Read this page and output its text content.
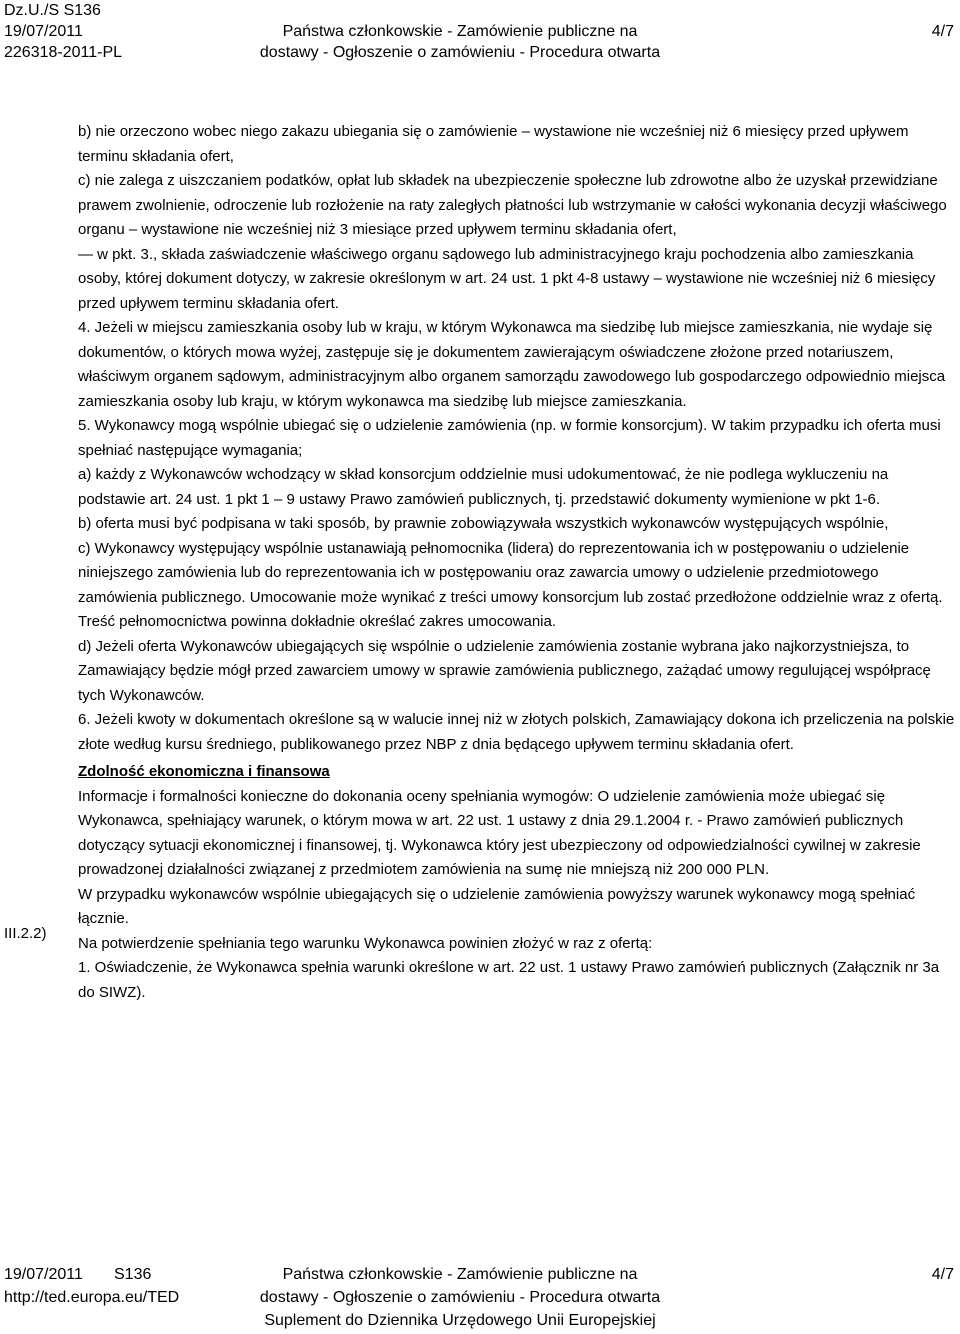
Dz.U./S S136
19/07/2011
226318-2011-PL
Państwa członkowskie - Zamówienie publiczne na
dostawy - Ogłoszenie o zamówieniu - Procedura otwarta
4/7

b) nie orzeczono wobec niego zakazu ubiegania się o zamówienie – wystawione nie wcześniej niż 6 miesięcy przed upływem terminu składania ofert,

c) nie zalega z uiszczaniem podatków, opłat lub składek na ubezpieczenie społeczne lub zdrowotne albo że uzyskał przewidziane prawem zwolnienie, odroczenie lub rozłożenie na raty zaległych płatności lub wstrzymanie w całości wykonania decyzji właściwego organu – wystawione nie wcześniej niż 3 miesiące przed upływem terminu składania ofert,

— w pkt. 3., składa zaświadczenie właściwego organu sądowego lub administracyjnego kraju pochodzenia albo zamieszkania osoby, której dokument dotyczy, w zakresie określonym w art. 24 ust. 1 pkt 4-8 ustawy – wystawione nie wcześniej niż 6 miesięcy przed upływem terminu składania ofert.

4. Jeżeli w miejscu zamieszkania osoby lub w kraju, w którym Wykonawca ma siedzibę lub miejsce zamieszkania, nie wydaje się dokumentów, o których mowa wyżej, zastępuje się je dokumentem zawierającym oświadczene złożone przed notariuszem, właściwym organem sądowym, administracyjnym albo organem samorządu zawodowego lub gospodarczego odpowiednio miejsca zamieszkania osoby lub kraju, w którym wykonawca ma siedzibę lub miejsce zamieszkania.

5. Wykonawcy mogą wspólnie ubiegać się o udzielenie zamówienia (np. w formie konsorcjum). W takim przypadku ich oferta musi spełniać następujące wymagania;

a) każdy z Wykonawców wchodzący w skład konsorcjum oddzielnie musi udokumentować, że nie podlega wykluczeniu na podstawie art. 24 ust. 1 pkt 1 – 9 ustawy Prawo zamówień publicznych, tj. przedstawić dokumenty wymienione w pkt 1-6.

b) oferta musi być podpisana w taki sposób, by prawnie zobowiązywała wszystkich wykonawców występujących wspólnie,

c) Wykonawcy występujący wspólnie ustanawiają pełnomocnika (lidera) do reprezentowania ich w postępowaniu o udzielenie niniejszego zamówienia lub do reprezentowania ich w postępowaniu oraz zawarcia umowy o udzielenie przedmiotowego zamówienia publicznego. Umocowanie może wynikać z treści umowy konsorcjum lub zostać przedłożone oddzielnie wraz z ofertą.

Treść pełnomocnictwa powinna dokładnie określać zakres umocowania.

d) Jeżeli oferta Wykonawców ubiegających się wspólnie o udzielenie zamówienia zostanie wybrana jako najkorzystniejsza, to Zamawiający będzie mógł przed zawarciem umowy w sprawie zamówienia publicznego, zażądać umowy regulującej współpracę tych Wykonawców.

6. Jeżeli kwoty w dokumentach określone są w walucie innej niż w złotych polskich, Zamawiający dokona ich przeliczenia na polskie złote według kursu średniego, publikowanego przez NBP z dnia będącego upływem terminu składania ofert.

Zdolność ekonomiczna i finansowa

Informacje i formalności konieczne do dokonania oceny spełniania wymogów: O udzielenie zamówienia może ubiegać się Wykonawca, spełniający warunek, o którym mowa w art. 22 ust. 1 ustawy z dnia 29.1.2004 r. - Prawo zamówień publicznych dotyczący sytuacji ekonomicznej i finansowej, tj. Wykonawca który jest ubezpieczony od odpowiedzialności cywilnej w zakresie prowadzonej działalności związanej z przedmiotem zamówienia na sumę nie mniejszą niż 200 000 PLN.

W przypadku wykonawców wspólnie ubiegających się o udzielenie zamówienia powyższy warunek wykonawcy mogą spełniać łącznie.

Na potwierdzenie spełniania tego warunku Wykonawca powinien złożyć w raz z ofertą:

1. Oświadczenie, że Wykonawca spełnia warunki określone w art. 22 ust. 1 ustawy Prawo zamówień publicznych (Załącznik nr 3a do SIWZ).

III.2.2)
19/07/2011 S136
http://ted.europa.eu/TED
Państwa członkowskie - Zamówienie publiczne na
dostawy - Ogłoszenie o zamówieniu - Procedura otwarta
Suplement do Dziennika Urzędowego Unii Europejskiej
4/7
